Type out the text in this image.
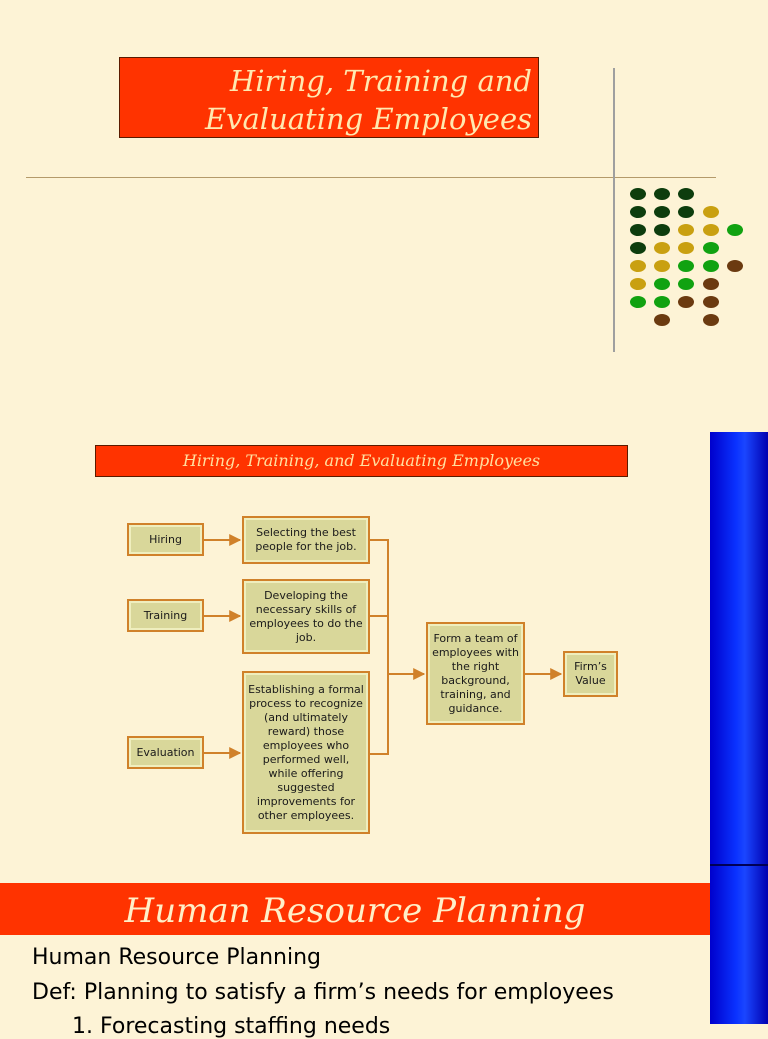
Hiring, Training and
Evaluating Employees
Hiring, Training, and Evaluating Employees
Hiring
Training
Evaluation
Selecting the best people for the job.
Developing the necessary skills of employees to do the job.
Establishing a formal process to recognize (and ultimately reward) those employees who performed well, while offering suggested improvements for other employees.
Form a team of employees with the right background, training, and guidance.
Firm’s Value
Human Resource Planning
Human Resource Planning
Def: Planning to satisfy a firm’s needs for employees
1. Forecasting staffing needs
